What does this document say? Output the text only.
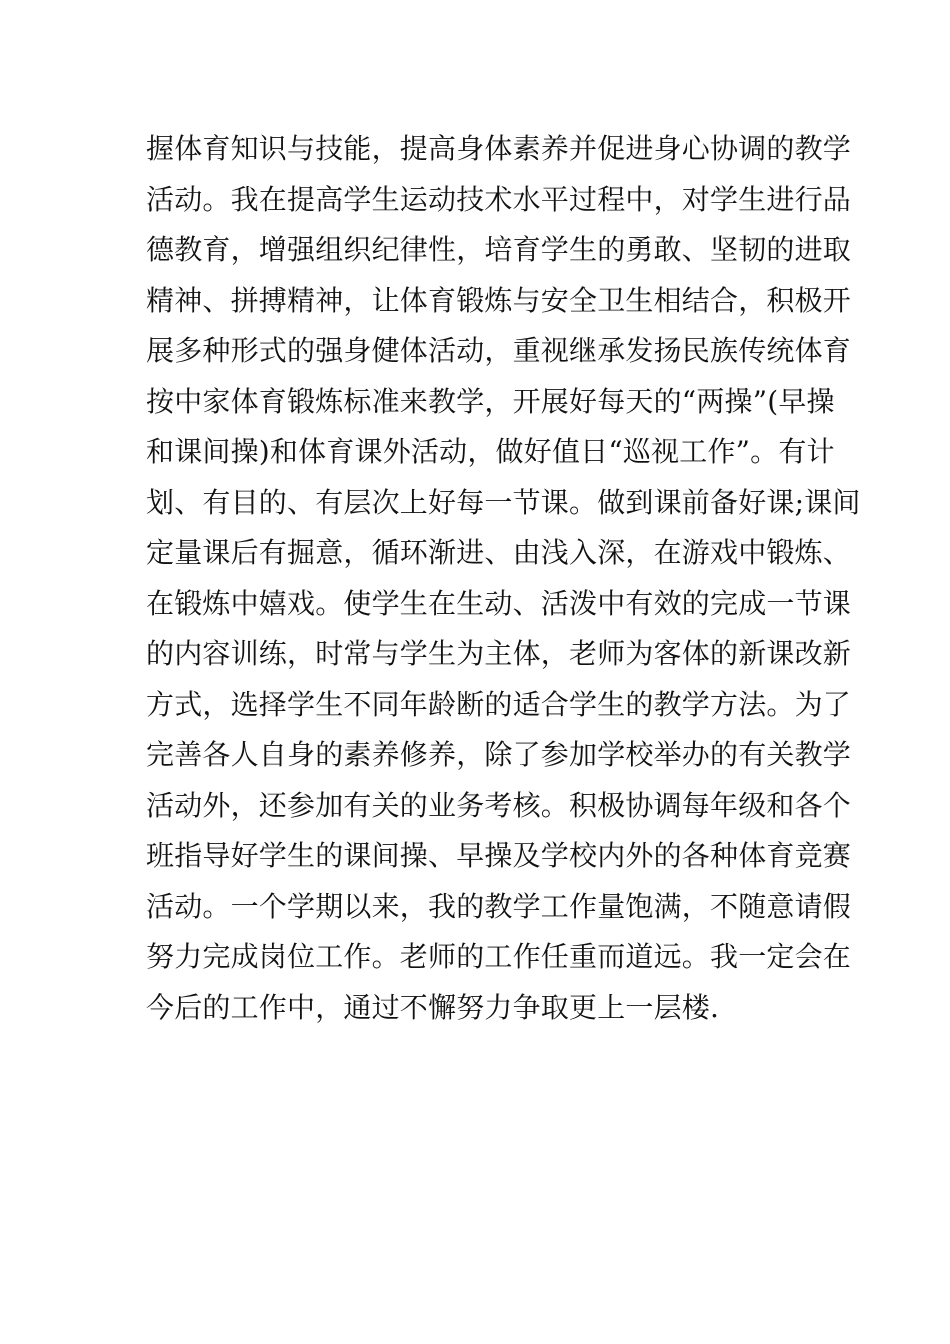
握体育知识与技能，提高身体素养并促进身心协调的教学
活动。我在提高学生运动技术水平过程中，对学生进行品
德教育，增强组织纪律性，培育学生的勇敢、坚韧的进取
精神、拼搏精神，让体育锻炼与安全卫生相结合，积极开
展多种形式的强身健体活动，重视继承发扬民族传统体育
按中家体育锻炼标准来教学，开展好每天的“两操”(早操
和课间操)和体育课外活动，做好值日“巡视工作”。有计
划、有目的、有层次上好每一节课。做到课前备好课;课间
定量课后有掘意，循环渐进、由浅入深，在游戏中锻炼、
在锻炼中嬉戏。使学生在生动、活泼中有效的完成一节课
的内容训练，时常与学生为主体，老师为客体的新课改新
方式，选择学生不同年龄断的适合学生的教学方法。为了
完善各人自身的素养修养，除了参加学校举办的有关教学
活动外，还参加有关的业务考核。积极协调每年级和各个
班指导好学生的课间操、早操及学校内外的各种体育竞赛
活动。一个学期以来，我的教学工作量饱满，不随意请假
努力完成岗位工作。老师的工作任重而道远。我一定会在
今后的工作中，通过不懈努力争取更上一层楼.
